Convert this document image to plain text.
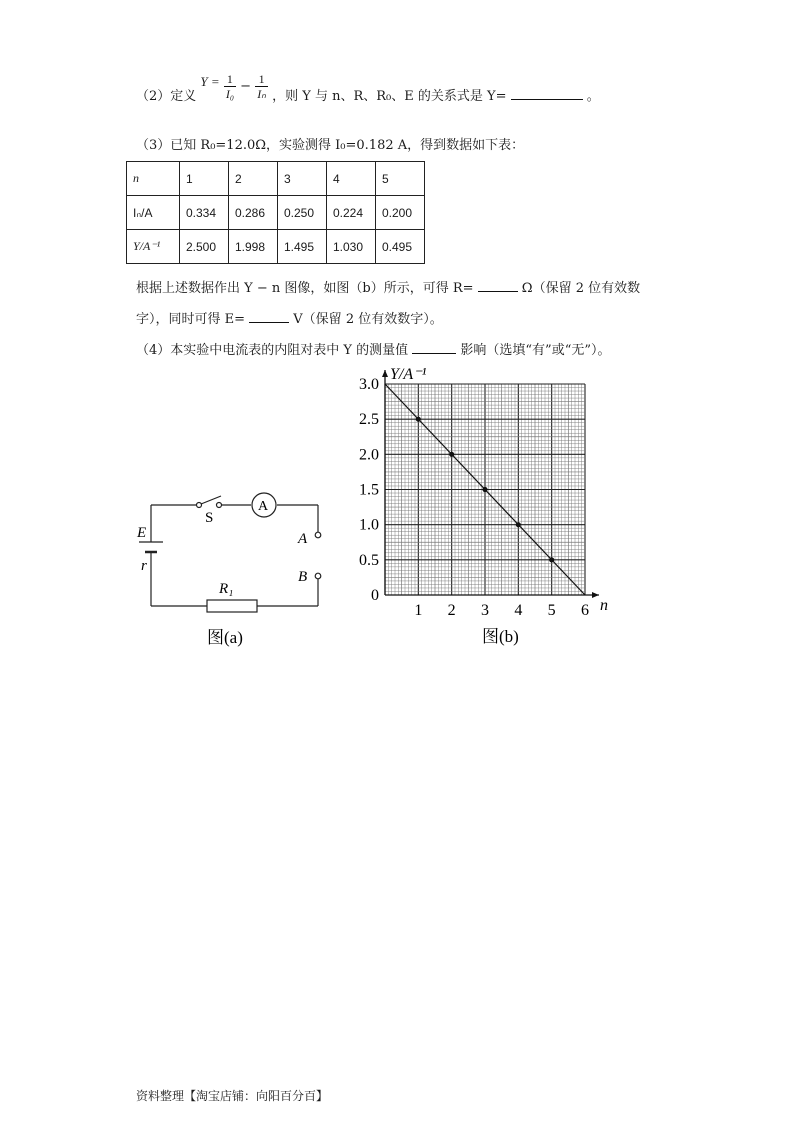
（2）定义 $Y = \frac{1}{\text{I₀}} - \frac{1}{\text{Iₙ}}$ ，则 Y 与 n、R、R₀、E 的关系式是 Y=	。
（3）已知 R₀=12.0Ω，实验测得 I₀=0.182 A，得到数据如下表：
n	1	2	3	4	5
Iₙ/A	0.334	0.286	0.250	0.224	0.200
Y/A⁻¹	2.500	1.998	1.495	1.030	0.495
根据上述数据作出 Y − n 图像，如图（b）所示，可得 R=	Ω（保留 2 位有效数
字），同时可得 E=	V（保留 2 位有效数字）。
（4）本实验中电流表的内阻对表中 Y 的测量值	影响（选填“有”或“无”）。
S
A
E
r
A
B
R₁
图(a)
1 2 3 4 5 6
0
0.5
1.0
1.5
2.0
2.5
3.0
Y/A⁻¹
n
图(b)
资料整理【淘宝店铺：向阳百分百】
